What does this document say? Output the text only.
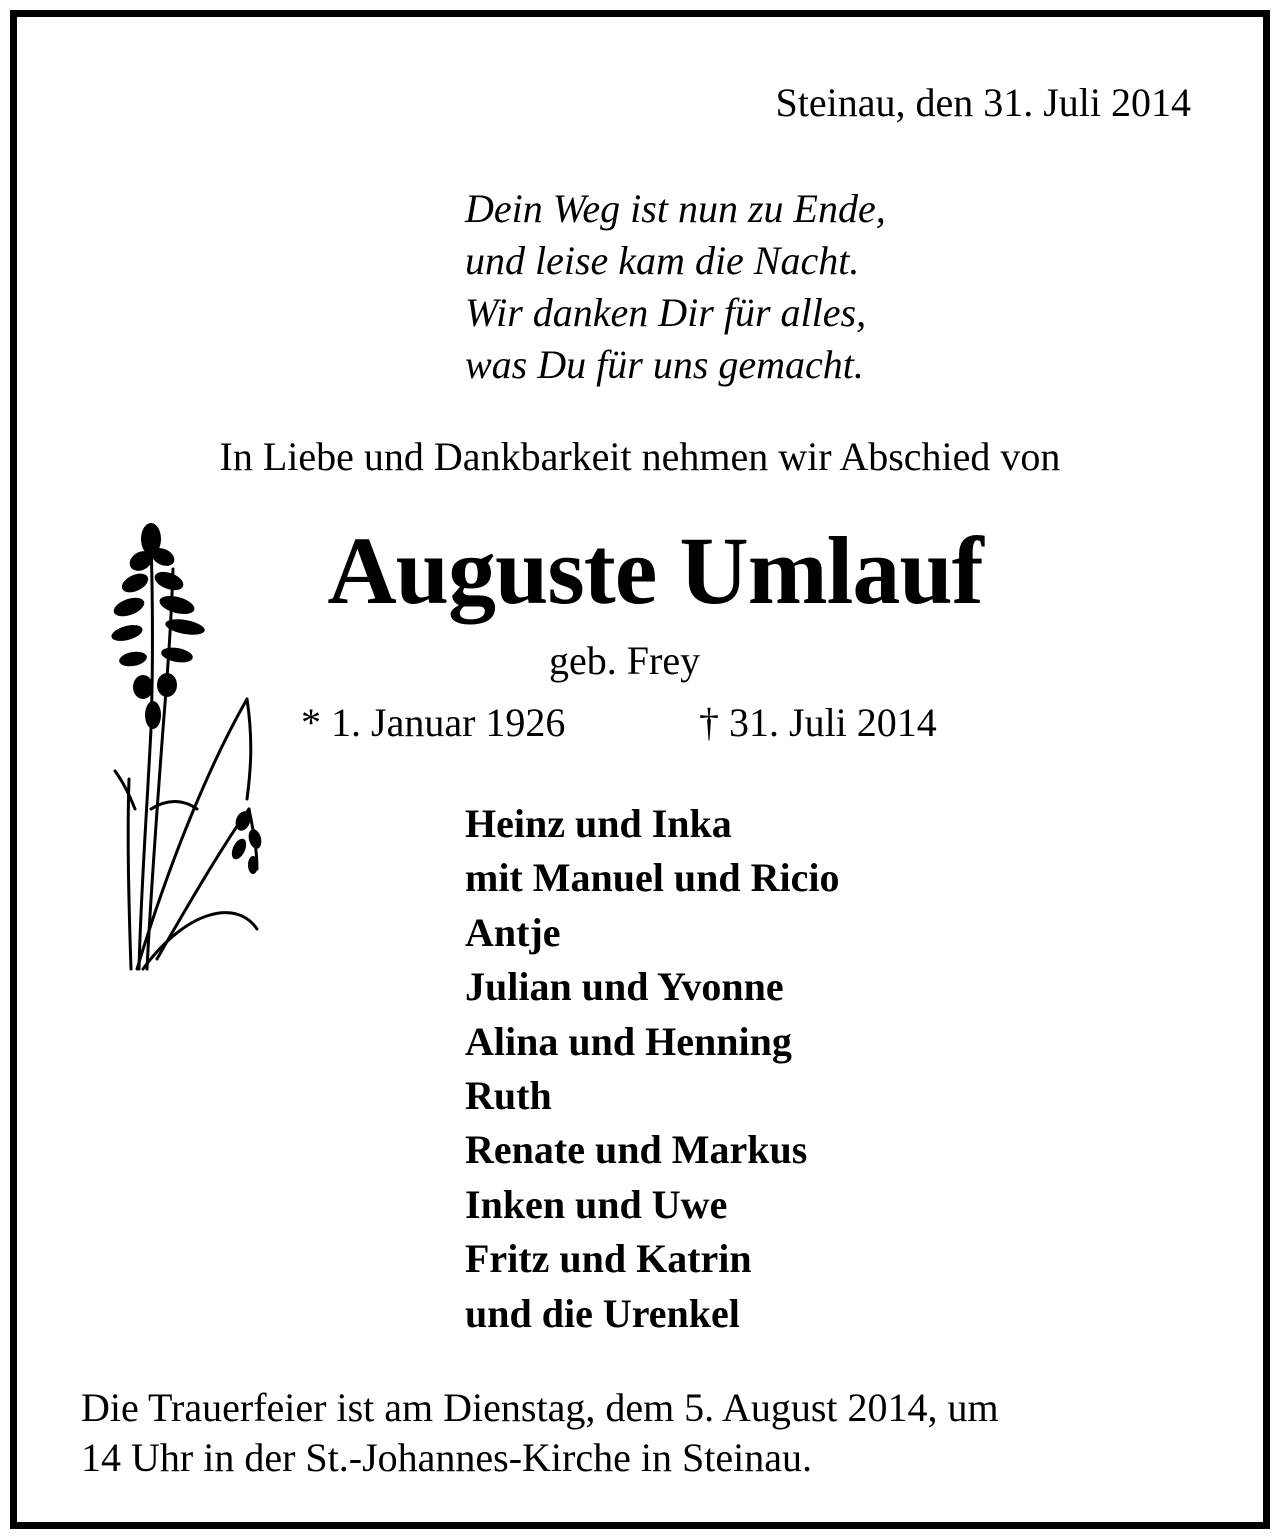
Steinau, den 31. Juli 2014

Dein Weg ist nun zu Ende,
und leise kam die Nacht.
Wir danken Dir für alles,
was Du für uns gemacht.

In Liebe und Dankbarkeit nehmen wir Abschied von

Auguste Umlauf

geb. Frey

* 1. Januar 1926	† 31. Juli 2014

Heinz und Inka
mit Manuel und Ricio
Antje
Julian und Yvonne
Alina und Henning
Ruth
Renate und Markus
Inken und Uwe
Fritz und Katrin
und die Urenkel
Die Trauerfeier ist am Dienstag, dem 5. August 2014, um
14 Uhr in der St.-Johannes-Kirche in Steinau.
